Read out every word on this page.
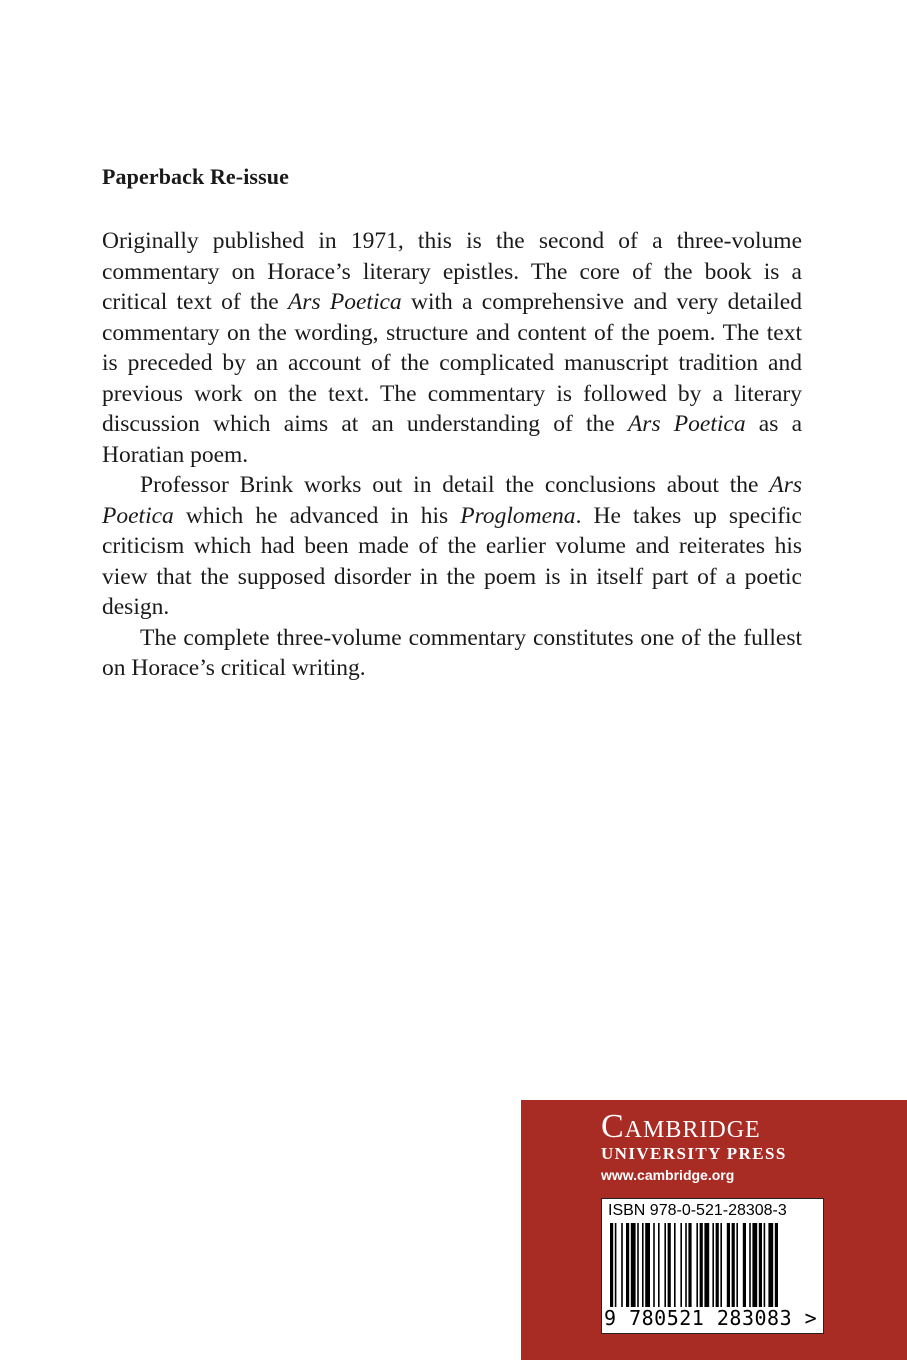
Paperback Re-issue

Originally published in 1971, this is the second of a three-volume commentary on Horace’s literary epistles. The core of the book is a critical text of the Ars Poetica with a comprehensive and very detailed commentary on the wording, structure and content of the poem. The text is preceded by an account of the complicated manuscript tradition and previous work on the text. The commentary is followed by a literary discussion which aims at an understanding of the Ars Poetica as a Horatian poem.

Professor Brink works out in detail the conclusions about the Ars Poetica which he advanced in his Proglomena. He takes up specific criticism which had been made of the earlier volume and reiterates his view that the supposed disorder in the poem is in itself part of a poetic design.

The complete three-volume commentary constitutes one of the fullest on Horace’s critical writing.

Cambridge
UNIVERSITY PRESS
www.cambridge.org
ISBN 978-0-521-28308-3
9 780521 283083 >
